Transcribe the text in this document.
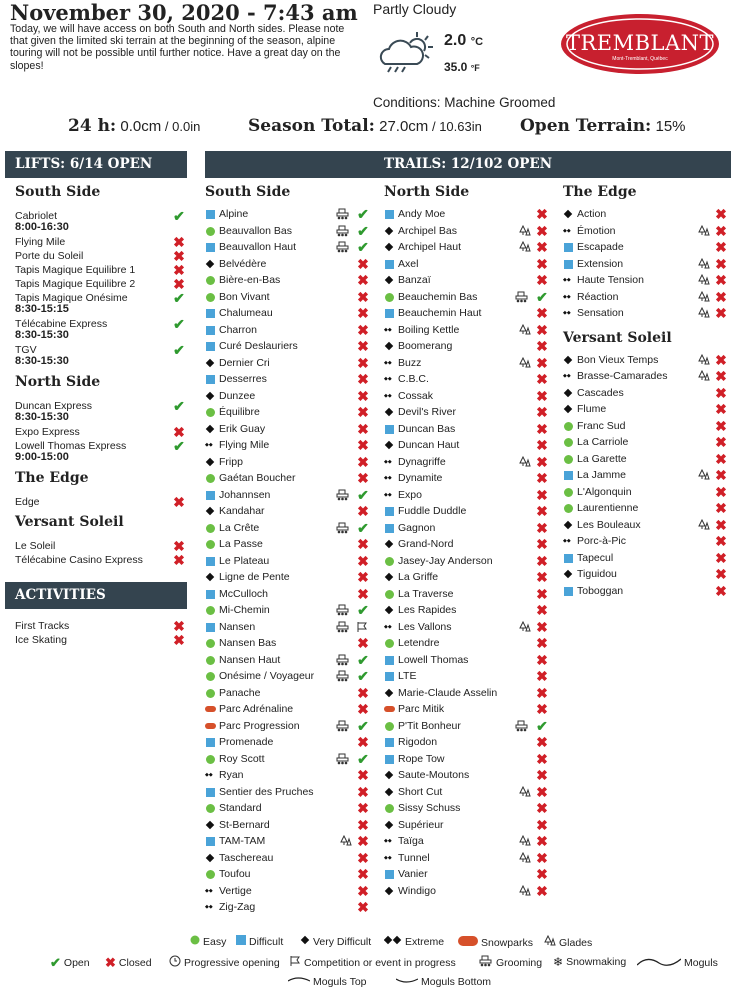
November 30, 2020 - 7:43 am
Today, we will have access on both South and North sides. Please note that given the limited ski terrain at the beginning of the season, alpine touring will not be possible until further notice. Have a great day on the slopes!
Partly Cloudy
2.0 °C
35.0 °F
TREMBLANT
Mont-Tremblant, Québec
Conditions: Machine Groomed
24 h: 0.0cm / 0.0in	Season Total: 27.0cm / 10.63in Open Terrain: 15%
LIFTS: 6/14 OPEN	TRAILS: 12/102 OPEN
ACTIVITIES
South Side
Cabriolet	✔
8:00-16:30
Flying Mile	✖
Porte du Soleil	✖
Tapis Magique Equilibre 1	✖
Tapis Magique Equilibre 2	✖
Tapis Magique Onésime	✔
8:30-15:15
Télécabine Express	✔
8:30-15:30
TGV	✔
8:30-15:30
North Side
Duncan Express	✔
8:30-15:30
Expo Express	✖
Lowell Thomas Express	✔
9:00-15:00
The Edge
Edge	✖
Versant Soleil
Le Soleil	✖
Télécabine Casino Express ✖
First Tracks	✖
Ice Skating	✖
South Side
Alpine	✔
Beauvallon Bas	✔
Beauvallon Haut	✔
Belvédère	✖
Bière-en-Bas	✖
Bon Vivant	✖
Chalumeau	✖
Charron	✖
Curé Deslauriers	✖
Dernier Cri	✖
Desserres	✖
Dunzee	✖
Équilibre	✖
Erik Guay	✖
◆◆
Flying Mile	✖
Fripp	✖
Gaétan Boucher	✖
Johannsen	✔
Kandahar	✖
La Crête	✔
La Passe	✖
Le Plateau	✖
Ligne de Pente	✖
McCulloch	✖
Mi-Chemin	✔
Nansen
Nansen Bas	✖
Nansen Haut	✔
Onésime / Voyageur	✔
Panache	✖
Parc Adrénaline	✖
Parc Progression	✔
Promenade	✖
Roy Scott	✔
◆◆
Ryan	✖
Sentier des Pruches	✖
Standard	✖
St-Bernard	✖
TAM-TAM	✖
Taschereau	✖
Toufou	✖
◆◆
Vertige	✖
◆◆
Zig-Zag	✖
North Side
Andy Moe	✖
Archipel Bas	✖
Archipel Haut	✖
Axel	✖
Banzaï	✖
Beauchemin Bas	✔
Beauchemin Haut	✖
◆◆
Boiling Kettle	✖
Boomerang	✖
◆◆
Buzz	✖
◆◆
C.B.C.	✖
◆◆
Cossak	✖
Devil's River	✖
Duncan Bas	✖
Duncan Haut	✖
◆◆
Dynagriffe	✖
◆◆
Dynamite	✖
◆◆
Expo	✖
Fuddle Duddle	✖
Gagnon	✖
Grand-Nord	✖
Jasey-Jay Anderson	✖
La Griffe	✖
La Traverse	✖
Les Rapides	✖
◆◆
Les Vallons	✖
Letendre	✖
Lowell Thomas	✖
LTE	✖
Marie-Claude Asselin	✖
Parc Mitik	✖
P'Tit Bonheur	✔
Rigodon	✖
Rope Tow	✖
Saute-Moutons	✖
Short Cut	✖
Sissy Schuss	✖
Supérieur	✖
◆◆
Taïga	✖
◆◆
Tunnel	✖
Vanier	✖
Windigo	✖
The Edge
Action	✖
◆◆
Émotion	✖
Escapade	✖
Extension	✖
◆◆
Haute Tension	✖
◆◆
Réaction	✖
◆◆
Sensation	✖
Versant Soleil
Bon Vieux Temps	✖
◆◆
Brasse-Camarades	✖
Cascades	✖
Flume	✖
Franc Sud	✖
La Carriole	✖
La Garette	✖
La Jamme	✖
L'Algonquin	✖
Laurentienne	✖
Les Bouleaux	✖
◆◆
Porc-à-Pic	✖
Tapecul	✖
Tiguidou	✖
Toboggan	✖
Easy	Difficult	Very Difficult	Extreme	Snowparks	Glades
✔ Open ✖ Closed	Progressive opening	Competition or event in progress	Grooming ❄ Snowmaking	Moguls
Moguls Top	Moguls Bottom
